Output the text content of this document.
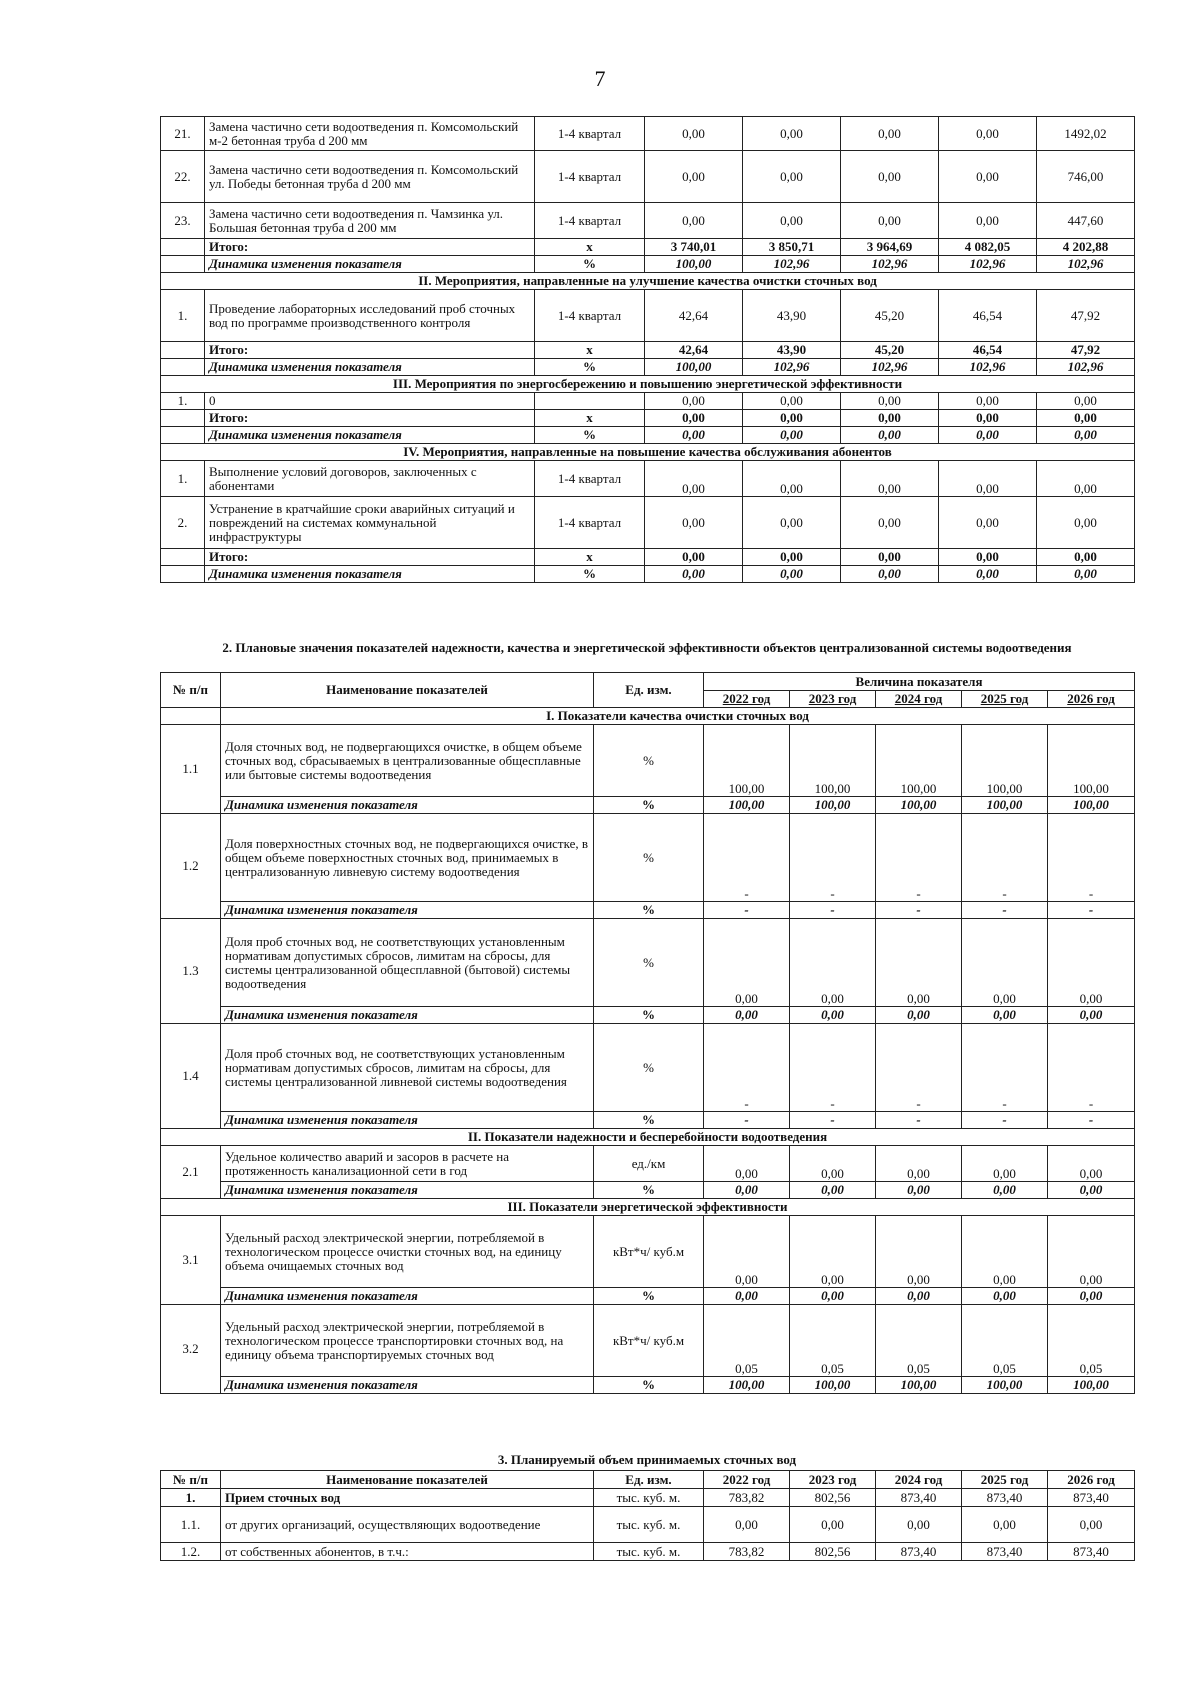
7
21.	Замена частично сети водоотведения п. Комсомольский м-2 бетонная труба d 200 мм	1-4 квартал	0,00	0,00	0,00	0,00	1492,02
22.	Замена частично сети водоотведения п. Комсомольский ул. Победы бетонная труба d 200 мм	1-4 квартал	0,00	0,00	0,00	0,00	746,00
23.	Замена частично сети водоотведения п. Чамзинка ул. Большая бетонная труба d 200 мм	1-4 квартал	0,00	0,00	0,00	0,00	447,60
	Итого:	х	3 740,01	3 850,71	3 964,69	4 082,05	4 202,88
	Динамика изменения показателя	%	100,00	102,96	102,96	102,96	102,96
II. Мероприятия, направленные на улучшение качества очистки сточных вод							
1.	Проведение лабораторных исследований проб сточных вод по программе производственного контроля	1-4 квартал	42,64	43,90	45,20	46,54	47,92
	Итого:	х	42,64	43,90	45,20	46,54	47,92
	Динамика изменения показателя	%	100,00	102,96	102,96	102,96	102,96
III. Мероприятия по энергосбережению и повышению энергетической эффективности							
1.	0		0,00	0,00	0,00	0,00	0,00
	Итого:	х	0,00	0,00	0,00	0,00	0,00
	Динамика изменения показателя	%	0,00	0,00	0,00	0,00	0,00
IV. Мероприятия, направленные на повышение качества обслуживания абонентов							
1.	Выполнение условий договоров, заключенных с абонентами	1-4 квартал	0,00	0,00	0,00	0,00	0,00
2.	Устранение в кратчайшие сроки аварийных ситуаций и повреждений на системах коммунальной инфраструктуры	1-4 квартал	0,00	0,00	0,00	0,00	0,00
	Итого:	х	0,00	0,00	0,00	0,00	0,00
	Динамика изменения показателя	%	0,00	0,00	0,00	0,00	0,00
2. Плановые значения показателей надежности, качества и энергетической эффективности объектов централизованной системы водоотведения
№ п/п	Наименование показателей	Ед. изм.	Величина показателя				
			2022 год	2023 год	2024 год	2025 год	2026 год
	I. Показатели качества очистки сточных вод						
1.1	Доля сточных вод, не подвергающихся очистке, в общем объеме сточных вод, сбрасываемых в централизованные общесплавные или бытовые системы водоотведения	%	100,00	100,00	100,00	100,00	100,00
	Динамика изменения показателя	%	100,00	100,00	100,00	100,00	100,00
1.2	Доля поверхностных сточных вод, не подвергающихся очистке, в общем объеме поверхностных сточных вод, принимаемых в централизованную ливневую систему водоотведения	%	-	-	-	-	-
	Динамика изменения показателя	%	-	-	-	-	-
1.3	Доля проб сточных вод, не соответствующих установленным нормативам допустимых сбросов, лимитам на сбросы, для системы централизованной общесплавной (бытовой) системы водоотведения	%	0,00	0,00	0,00	0,00	0,00
	Динамика изменения показателя	%	0,00	0,00	0,00	0,00	0,00
1.4	Доля проб сточных вод, не соответствующих установленным нормативам допустимых сбросов, лимитам на сбросы, для системы централизованной ливневой системы водоотведения	%	-	-	-	-	-
	Динамика изменения показателя	%	-	-	-	-	-
II. Показатели надежности и бесперебойности водоотведения							
2.1	Удельное количество аварий и засоров в расчете на протяженность канализационной сети в год	ед./км	0,00	0,00	0,00	0,00	0,00
	Динамика изменения показателя	%	0,00	0,00	0,00	0,00	0,00
III. Показатели энергетической эффективности							
3.1	Удельный расход электрической энергии, потребляемой в технологическом процессе очистки сточных вод, на единицу объема очищаемых сточных вод	кВт*ч/ куб.м	0,00	0,00	0,00	0,00	0,00
	Динамика изменения показателя	%	0,00	0,00	0,00	0,00	0,00
3.2	Удельный расход электрической энергии, потребляемой в технологическом процессе транспортировки сточных вод, на единицу объема транспортируемых сточных вод	кВт*ч/ куб.м	0,05	0,05	0,05	0,05	0,05
	Динамика изменения показателя	%	100,00	100,00	100,00	100,00	100,00
3. Планируемый объем принимаемых сточных вод
№ п/п	Наименование показателей	Ед. изм.	2022 год	2023 год	2024 год	2025 год	2026 год
1.	Прием сточных вод	тыс. куб. м.	783,82	802,56	873,40	873,40	873,40
1.1.	от других организаций, осуществляющих водоотведение	тыс. куб. м.	0,00	0,00	0,00	0,00	0,00
1.2.	от собственных абонентов, в т.ч.:	тыс. куб. м.	783,82	802,56	873,40	873,40	873,40
